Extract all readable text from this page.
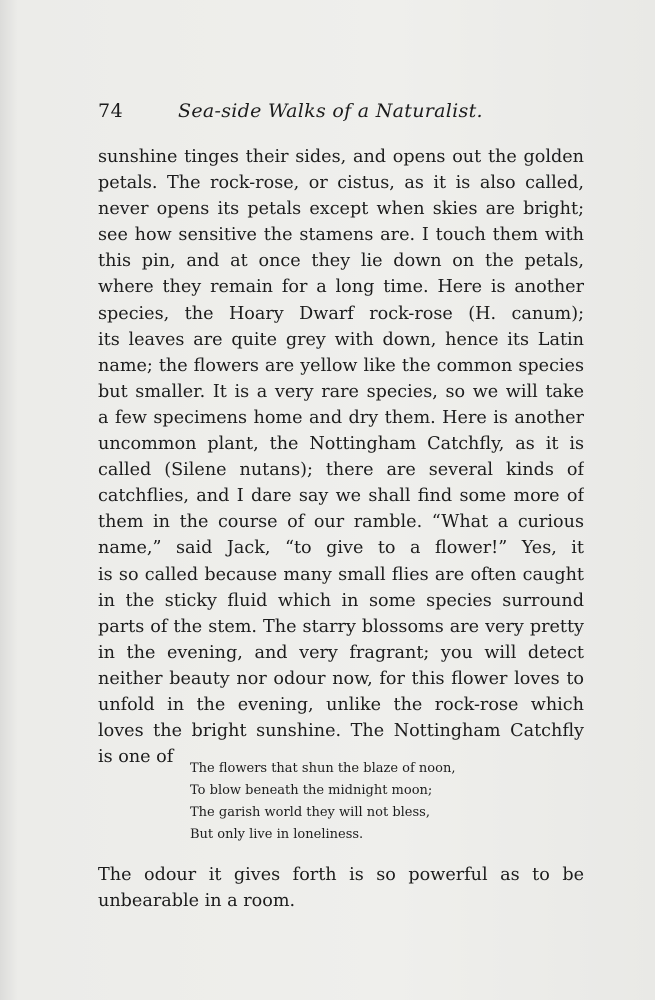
74	Sea-side Walks of a Naturalist.
sunshine tinges their sides, and opens out the golden
petals. The rock-rose, or cistus, as it is also called,
never opens its petals except when skies are bright;
see how sensitive the stamens are. I touch them with
this pin, and at once they lie down on the petals,
where they remain for a long time. Here is another
species, the Hoary Dwarf rock-rose (H. canum);
its leaves are quite grey with down, hence its Latin
name; the flowers are yellow like the common species
but smaller. It is a very rare species, so we will take
a few specimens home and dry them. Here is another
uncommon plant, the Nottingham Catchfly, as it is
called (Silene nutans); there are several kinds of
catchflies, and I dare say we shall find some more of
them in the course of our ramble. “What a curious
name,” said Jack, “to give to a flower!” Yes, it
is so called because many small flies are often caught
in the sticky fluid which in some species surround
parts of the stem. The starry blossoms are very pretty
in the evening, and very fragrant; you will detect
neither beauty nor odour now, for this flower loves to
unfold in the evening, unlike the rock-rose which
loves the bright sunshine. The Nottingham Catchfly
is one of
The flowers that shun the blaze of noon,
To blow beneath the midnight moon;
The garish world they will not bless,
But only live in loneliness.
The odour it gives forth is so powerful as to be
unbearable in a room.
